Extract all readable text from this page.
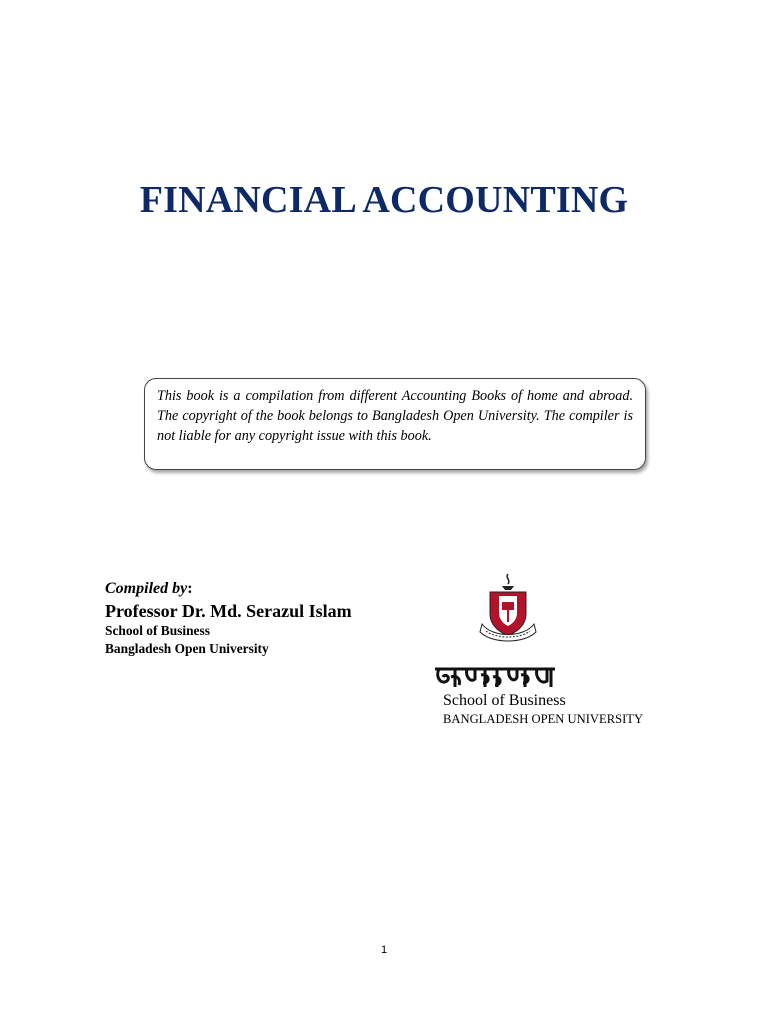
FINANCIAL ACCOUNTING

This book is a compilation from different Accounting Books of home and abroad. The copyright of the book belongs to Bangladesh Open University. The compiler is not liable for any copyright issue with this book.

Compiled by:
Professor Dr. Md. Serazul Islam
School of Business
Bangladesh Open University
School of Business
BANGLADESH OPEN UNIVERSITY
1
